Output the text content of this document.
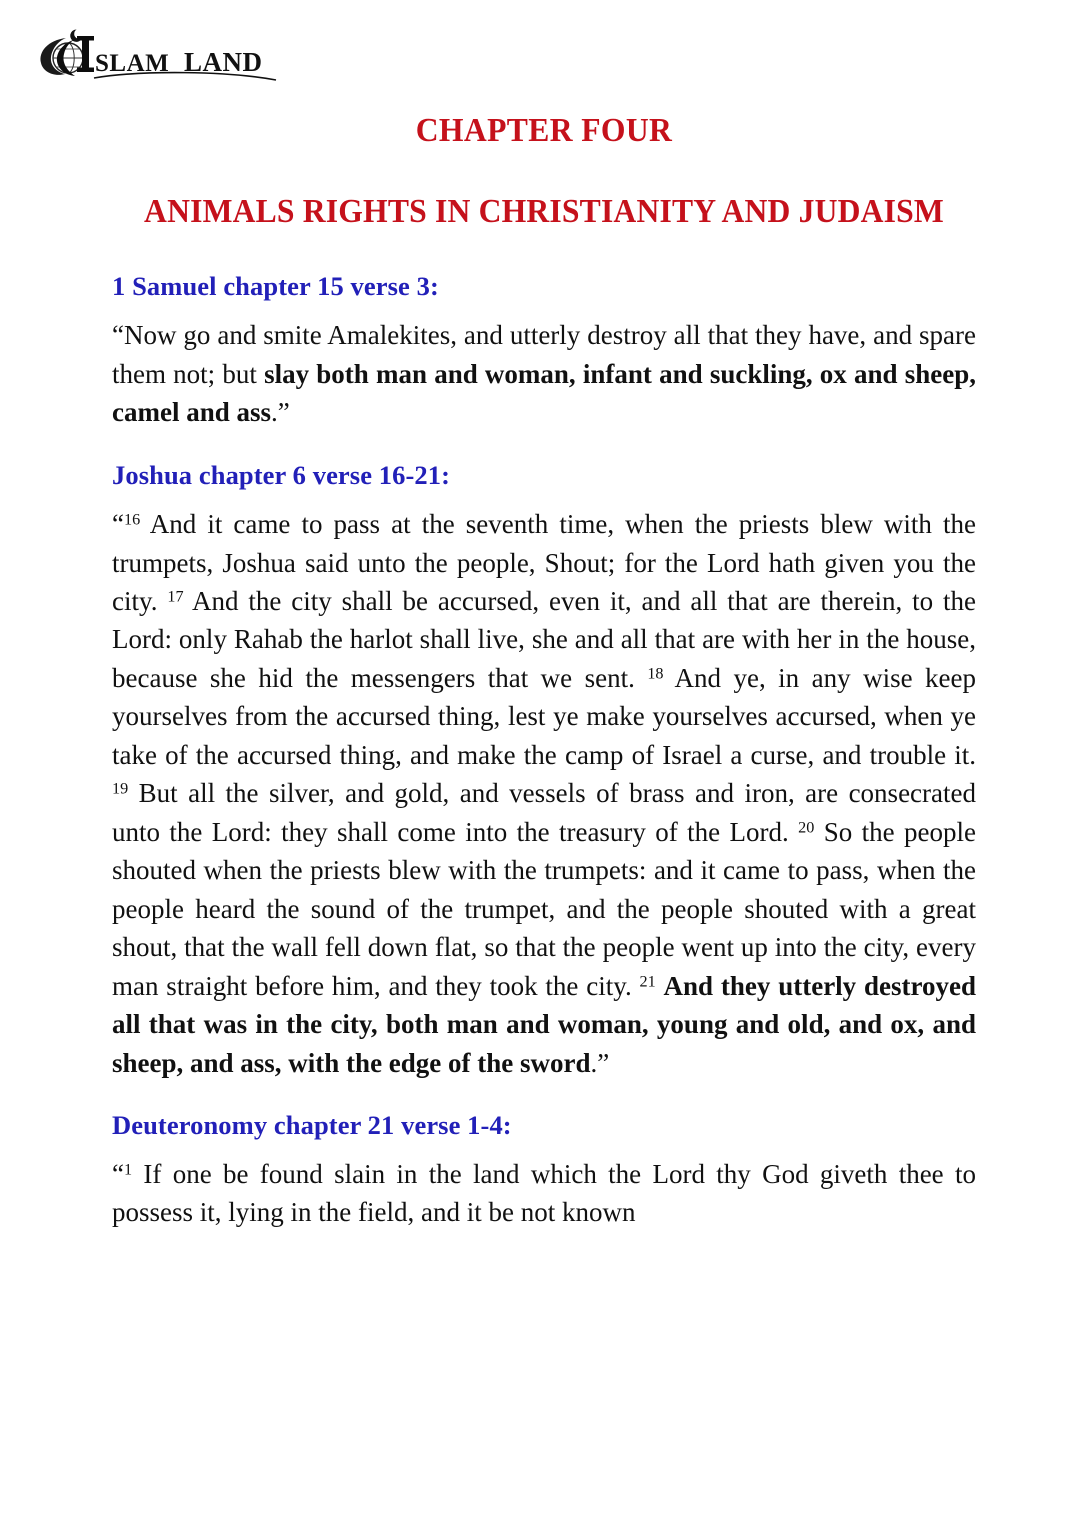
SLAM LAND
CHAPTER FOUR
ANIMALS RIGHTS IN CHRISTIANITY AND JUDAISM
1 Samuel chapter 15 verse 3:

“Now go and smite Amalekites, and utterly destroy all that they have, and spare them not; but slay both man and woman, infant and suckling, ox and sheep, camel and ass.”

Joshua chapter 6 verse 16-21:

“$^{16}$ And it came to pass at the seventh time, when the priests blew with the trumpets, Joshua said unto the people, Shout; for the Lord hath given you the city. $^{17}$ And the city shall be accursed, even it, and all that are therein, to the Lord: only Rahab the harlot shall live, she and all that are with her in the house, because she hid the messengers that we sent. $^{18}$ And ye, in any wise keep yourselves from the accursed thing, lest ye make yourselves accursed, when ye take of the accursed thing, and make the camp of Israel a curse, and trouble it. $^{19}$ But all the silver, and gold, and vessels of brass and iron, are consecrated unto the Lord: they shall come into the treasury of the Lord. $^{20}$ So the people shouted when the priests blew with the trumpets: and it came to pass, when the people heard the sound of the trumpet, and the people shouted with a great shout, that the wall fell down flat, so that the people went up into the city, every man straight before him, and they took the city. $^{21}$ And they utterly destroyed all that was in the city, both man and woman, young and old, and ox, and sheep, and ass, with the edge of the sword.”

Deuteronomy chapter 21 verse 1-4:

“$^1$ If one be found slain in the land which the Lord thy God giveth thee to possess it, lying in the field, and it be not known
